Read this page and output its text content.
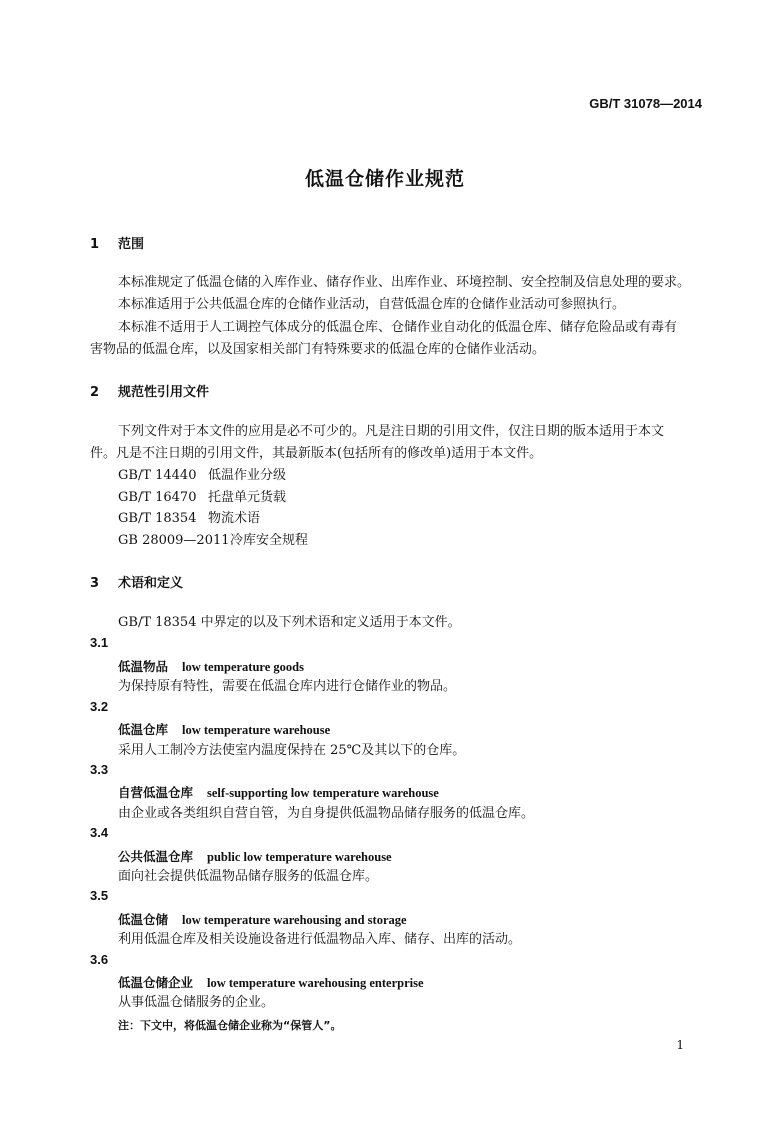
GB/T 31078—2014
低温仓储作业规范
1 范围
本标准规定了低温仓储的入库作业、储存作业、出库作业、环境控制、安全控制及信息处理的要求。
本标准适用于公共低温仓库的仓储作业活动，自营低温仓库的仓储作业活动可参照执行。
本标准不适用于人工调控气体成分的低温仓库、仓储作业自动化的低温仓库、储存危险品或有毒有
害物品的低温仓库，以及国家相关部门有特殊要求的低温仓库的仓储作业活动。
2 规范性引用文件
下列文件对于本文件的应用是必不可少的。凡是注日期的引用文件，仅注日期的版本适用于本文
件。凡是不注日期的引用文件，其最新版本(包括所有的修改单)适用于本文件。
GB/T 14440 低温作业分级
GB/T 16470 托盘单元货载
GB/T 18354 物流术语
GB 28009—2011冷库安全规程
3 术语和定义
GB/T 18354 中界定的以及下列术语和定义适用于本文件。
3.1
低温物品 low temperature goods
为保持原有特性，需要在低温仓库内进行仓储作业的物品。
3.2
低温仓库 low temperature warehouse
采用人工制冷方法使室内温度保持在 25℃及其以下的仓库。
3.3
自营低温仓库 self-supporting low temperature warehouse
由企业或各类组织自营自管，为自身提供低温物品储存服务的低温仓库。
3.4
公共低温仓库 public low temperature warehouse
面向社会提供低温物品储存服务的低温仓库。
3.5
低温仓储 low temperature warehousing and storage
利用低温仓库及相关设施设备进行低温物品入库、储存、出库的活动。
3.6
低温仓储企业 low temperature warehousing enterprise
从事低温仓储服务的企业。
注：下文中，将低温仓储企业称为“保管人”。
1
